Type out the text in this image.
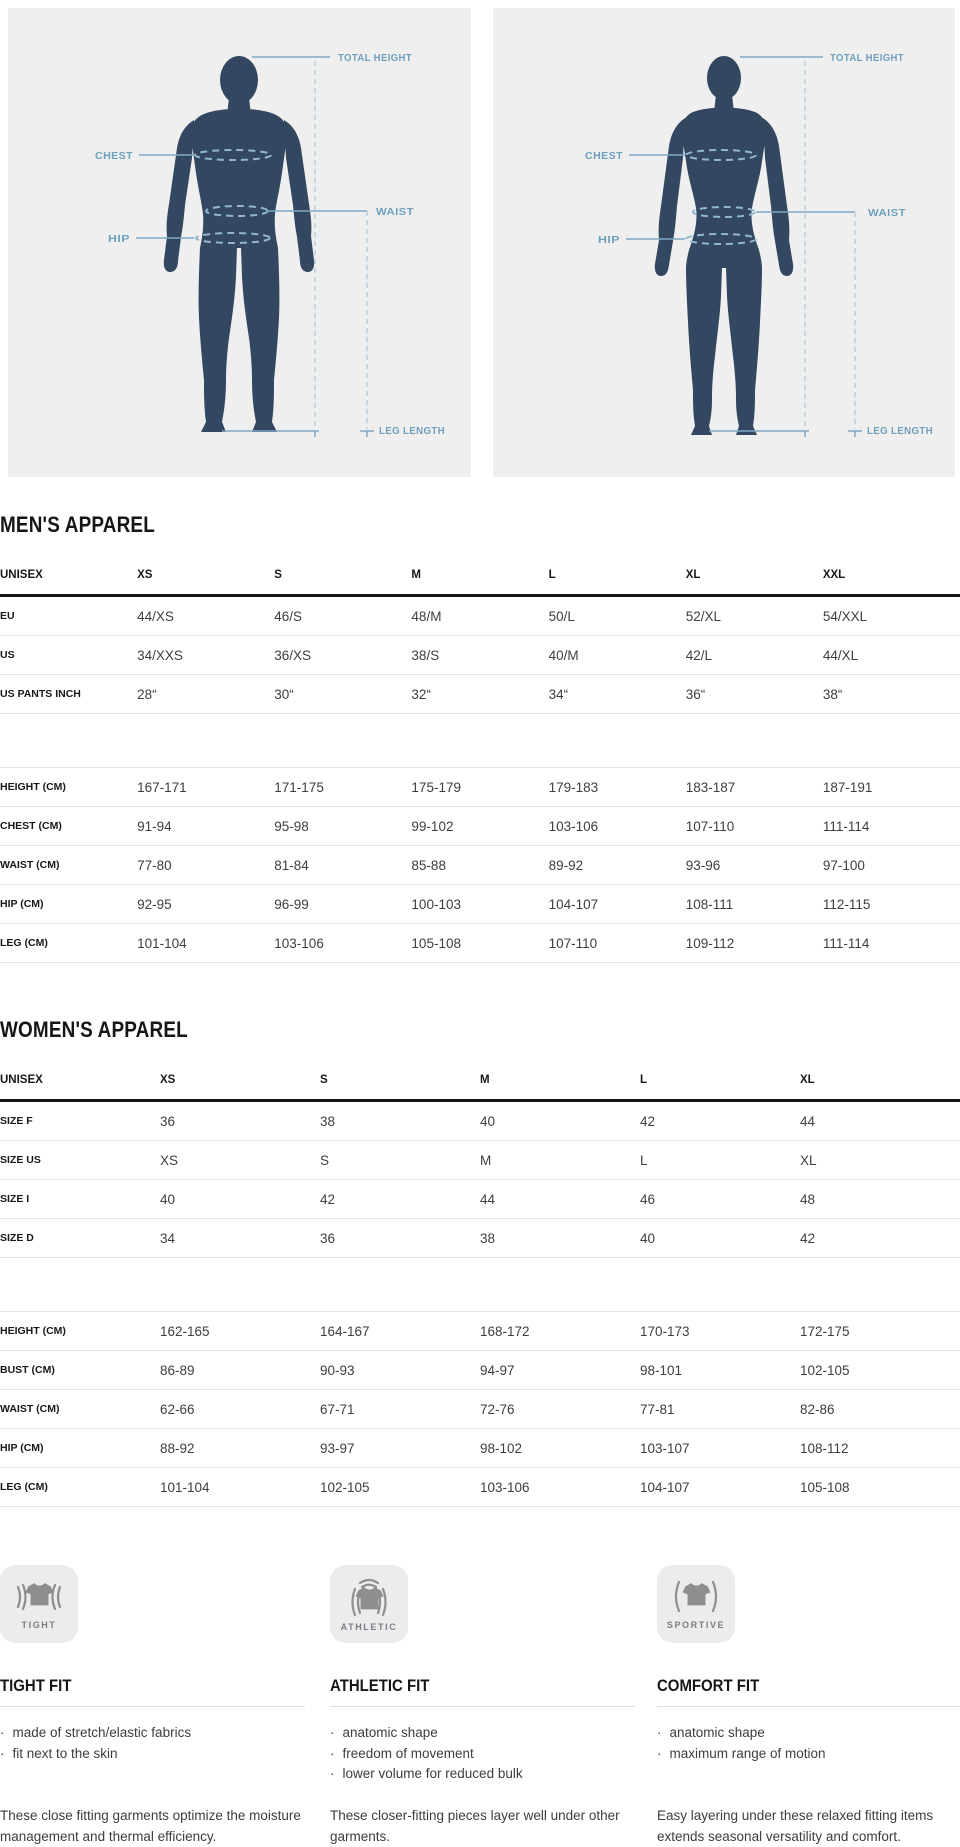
TOTAL HEIGHT
CHEST
WAIST
HIP
LEG LENGTH
TOTAL HEIGHT
CHEST
WAIST
HIP
LEG LENGTH
MEN'S APPAREL
UNISEX	XS	S	M	L	XL	XXL
EU	44/XS	46/S	48/M	50/L	52/XL	54/XXL
US	34/XXS	36/XS	38/S	40/M	42/L	44/XL
US PANTS INCH	28“	30“	32“	34“	36“	38“

HEIGHT (CM)	167-171	171-175	175-179	179-183	183-187	187-191
CHEST (CM)	91-94	95-98	99-102	103-106	107-110	111-114
WAIST (CM)	77-80	81-84	85-88	89-92	93-96	97-100
HIP (CM)	92-95	96-99	100-103	104-107	108-111	112-115
LEG (CM)	101-104	103-106	105-108	107-110	109-112	111-114
WOMEN'S APPAREL
UNISEX	XS	S	M	L	XL
SIZE F	36	38	40	42	44
SIZE US	XS	S	M	L	XL
SIZE I	40	42	44	46	48
SIZE D	34	36	38	40	42

HEIGHT (CM)	162-165	164-167	168-172	170-173	172-175
BUST (CM)	86-89	90-93	94-97	98-101	102-105
WAIST (CM)	62-66	67-71	72-76	77-81	82-86
HIP (CM)	88-92	93-97	98-102	103-107	108-112
LEG (CM)	101-104	102-105	103-106	104-107	105-108
TIGHT
TIGHT FIT
· made of stretch/elastic fabrics
· fit next to the skin

These close fitting garments optimize the moisture management and thermal efficiency.

ATHLETIC
ATHLETIC FIT
· anatomic shape
· freedom of movement
· lower volume for reduced bulk

These closer-fitting pieces layer well under other garments.

SPORTIVE
COMFORT FIT
· anatomic shape
· maximum range of motion

Easy layering under these relaxed fitting items extends seasonal versatility and comfort.
